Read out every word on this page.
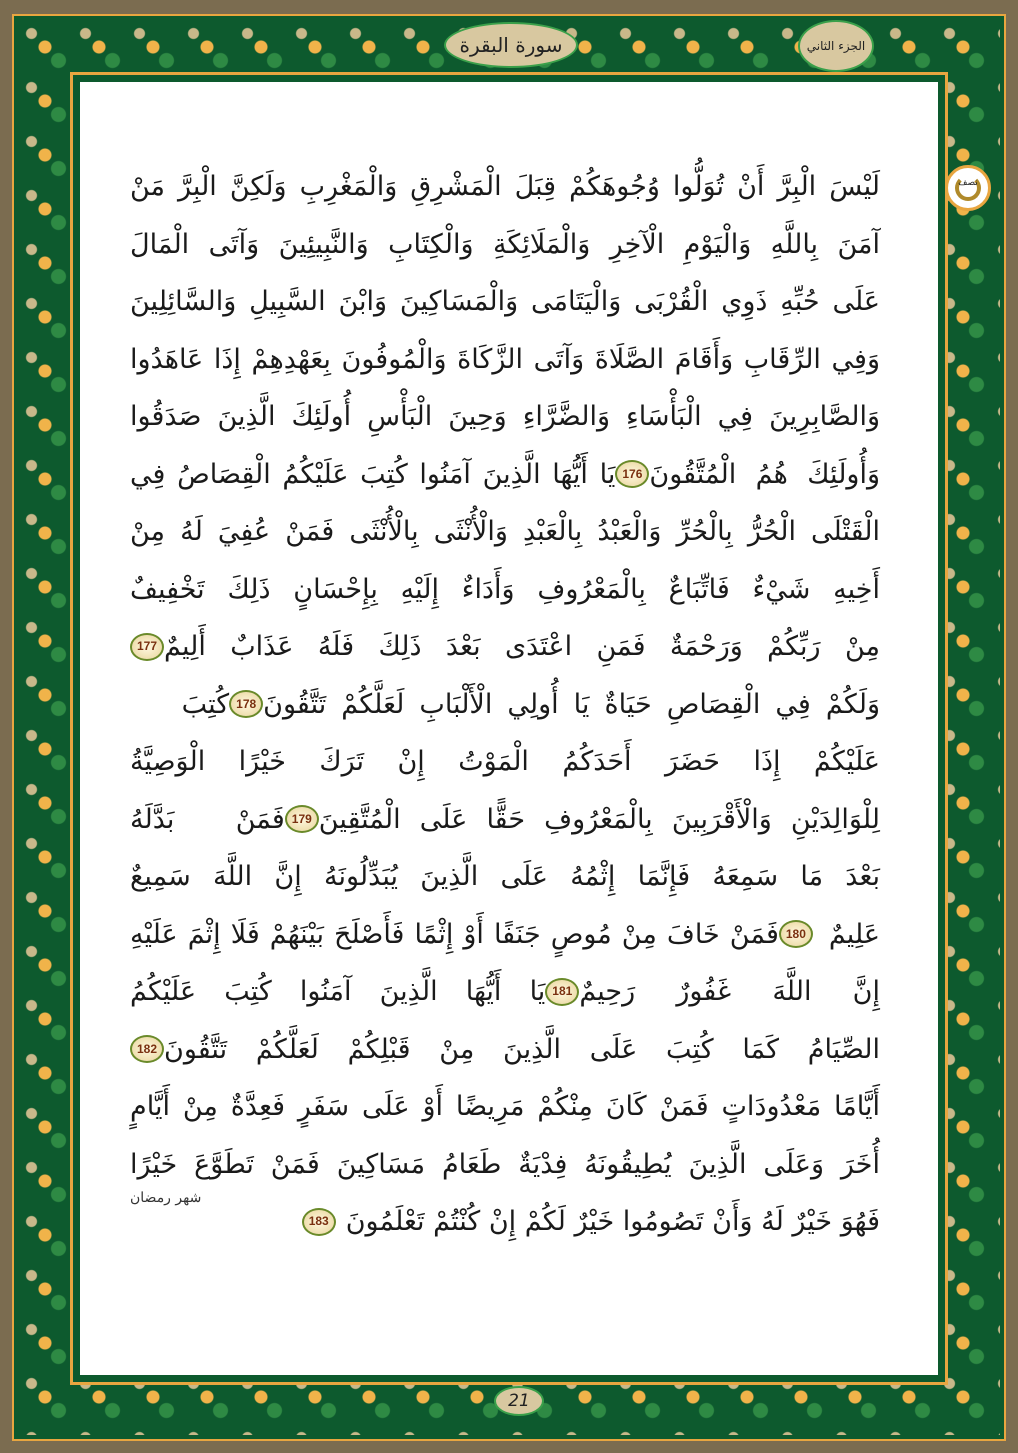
سورة البقرة	الجزء الثاني
نصف
لَيْسَ الْبِرَّ أَنْ تُوَلُّوا وُجُوهَكُمْ قِبَلَ الْمَشْرِقِ وَالْمَغْرِبِ وَلَكِنَّ الْبِرَّ مَنْ
آمَنَ بِاللَّهِ وَالْيَوْمِ الْآخِرِ وَالْمَلَائِكَةِ وَالْكِتَابِ وَالنَّبِيئِينَ وَآتَى الْمَالَ
عَلَى حُبِّهِ ذَوِي الْقُرْبَى وَالْيَتَامَى وَالْمَسَاكِينَ وَابْنَ السَّبِيلِ وَالسَّائِلِينَ
وَفِي الرِّقَابِ وَأَقَامَ الصَّلَاةَ وَآتَى الزَّكَاةَ وَالْمُوفُونَ بِعَهْدِهِمْ إِذَا عَاهَدُوا
وَالصَّابِرِينَ فِي الْبَأْسَاءِ وَالضَّرَّاءِ وَحِينَ الْبَأْسِ أُولَئِكَ الَّذِينَ صَدَقُوا
وَأُولَئِكَ هُمُ الْمُتَّقُونَ
176
يَا أَيُّهَا الَّذِينَ آمَنُوا كُتِبَ عَلَيْكُمُ الْقِصَاصُ فِي
الْقَتْلَى الْحُرُّ بِالْحُرِّ وَالْعَبْدُ بِالْعَبْدِ وَالْأُنْثَى بِالْأُنْثَى فَمَنْ عُفِيَ لَهُ مِنْ
أَخِيهِ شَيْءٌ فَاتِّبَاعٌ بِالْمَعْرُوفِ وَأَدَاءٌ إِلَيْهِ بِإِحْسَانٍ ذَلِكَ تَخْفِيفٌ
مِنْ رَبِّكُمْ وَرَحْمَةٌ فَمَنِ اعْتَدَى بَعْدَ ذَلِكَ فَلَهُ عَذَابٌ أَلِيمٌ
177
وَلَكُمْ فِي الْقِصَاصِ حَيَاةٌ يَا أُولِي الْأَلْبَابِ لَعَلَّكُمْ تَتَّقُونَ
178
كُتِبَ
عَلَيْكُمْ إِذَا حَضَرَ أَحَدَكُمُ الْمَوْتُ إِنْ تَرَكَ خَيْرًا الْوَصِيَّةُ
لِلْوَالِدَيْنِ وَالْأَقْرَبِينَ بِالْمَعْرُوفِ حَقًّا عَلَى الْمُتَّقِينَ
179
فَمَنْ بَدَّلَهُ
بَعْدَ مَا سَمِعَهُ فَإِنَّمَا إِثْمُهُ عَلَى الَّذِينَ يُبَدِّلُونَهُ إِنَّ اللَّهَ سَمِيعٌ
عَلِيمٌ
180
فَمَنْ خَافَ مِنْ مُوصٍ جَنَفًا أَوْ إِثْمًا فَأَصْلَحَ بَيْنَهُمْ فَلَا إِثْمَ عَلَيْهِ
إِنَّ اللَّهَ غَفُورٌ رَحِيمٌ
181
يَا أَيُّهَا الَّذِينَ آمَنُوا كُتِبَ عَلَيْكُمُ
الصِّيَامُ كَمَا كُتِبَ عَلَى الَّذِينَ مِنْ قَبْلِكُمْ لَعَلَّكُمْ تَتَّقُونَ
182
أَيَّامًا مَعْدُودَاتٍ فَمَنْ كَانَ مِنْكُمْ مَرِيضًا أَوْ عَلَى سَفَرٍ فَعِدَّةٌ مِنْ أَيَّامٍ
أُخَرَ وَعَلَى الَّذِينَ يُطِيقُونَهُ فِدْيَةٌ طَعَامُ مَسَاكِينَ فَمَنْ تَطَوَّعَ خَيْرًا
فَهُوَ خَيْرٌ لَهُ وَأَنْ تَصُومُوا خَيْرٌ لَكُمْ إِنْ كُنْتُمْ تَعْلَمُونَ
183
شهر رمضان
21
